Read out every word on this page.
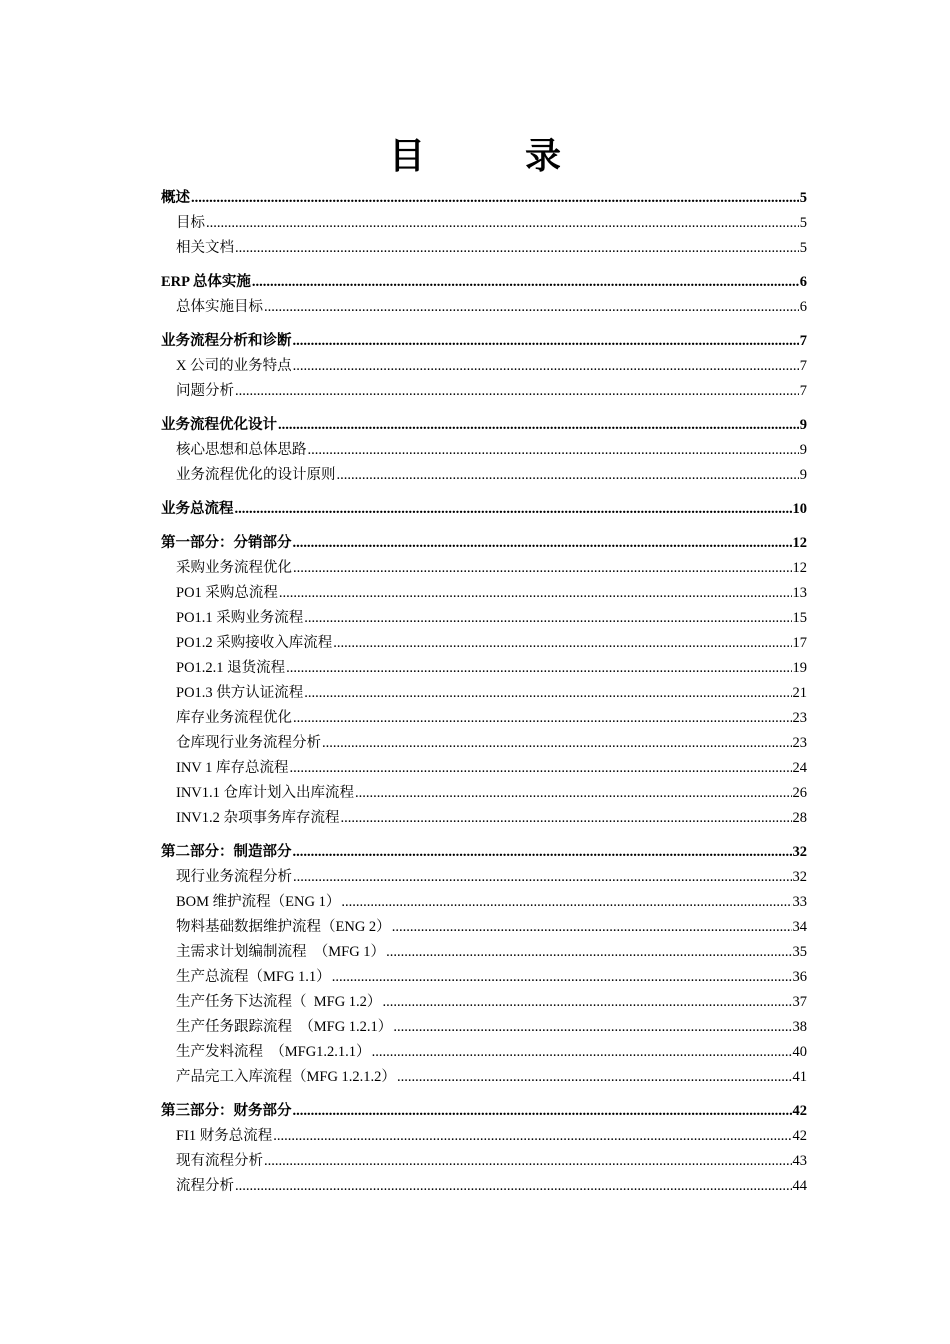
目	录
概述 .....	5
目标 .....	5
相关文档 .....	5
ERP 总体实施 .....	6
总体实施目标 .....	6
业务流程分析和诊断 .....	7
X 公司的业务特点 .....	7
问题分析 .....	7
业务流程优化设计 .....	9
核心思想和总体思路 .....	9
业务流程优化的设计原则 .....	9
业务总流程 .....	10
第一部分：分销部分 .....	12
采购业务流程优化 .....	12
PO1 采购总流程 .....	13
PO1.1 采购业务流程 .....	15
PO1.2 采购接收入库流程 .....	17
PO1.2.1 退货流程 .....	19
PO1.3 供方认证流程 .....	21
库存业务流程优化 .....	23
仓库现行业务流程分析 .....	23
INV 1 库存总流程 .....	24
INV1.1 仓库计划入出库流程 .....	26
INV1.2 杂项事务库存流程 .....	28
第二部分：制造部分 .....	32
现行业务流程分析 .....	32
BOM 维护流程（ENG 1） .....	33
物料基础数据维护流程（ENG 2） .....	34
主需求计划编制流程  （MFG 1） .....	35
生产总流程（MFG 1.1） .....	36
生产任务下达流程（  MFG 1.2） .....	37
生产任务跟踪流程  （MFG 1.2.1） .....	38
生产发料流程  （MFG1.2.1.1） .....	40
产品完工入库流程（MFG 1.2.1.2） .....	41
第三部分：财务部分 .....	42
FI1 财务总流程 .....	42
现有流程分析 .....	43
流程分析 .....	44
